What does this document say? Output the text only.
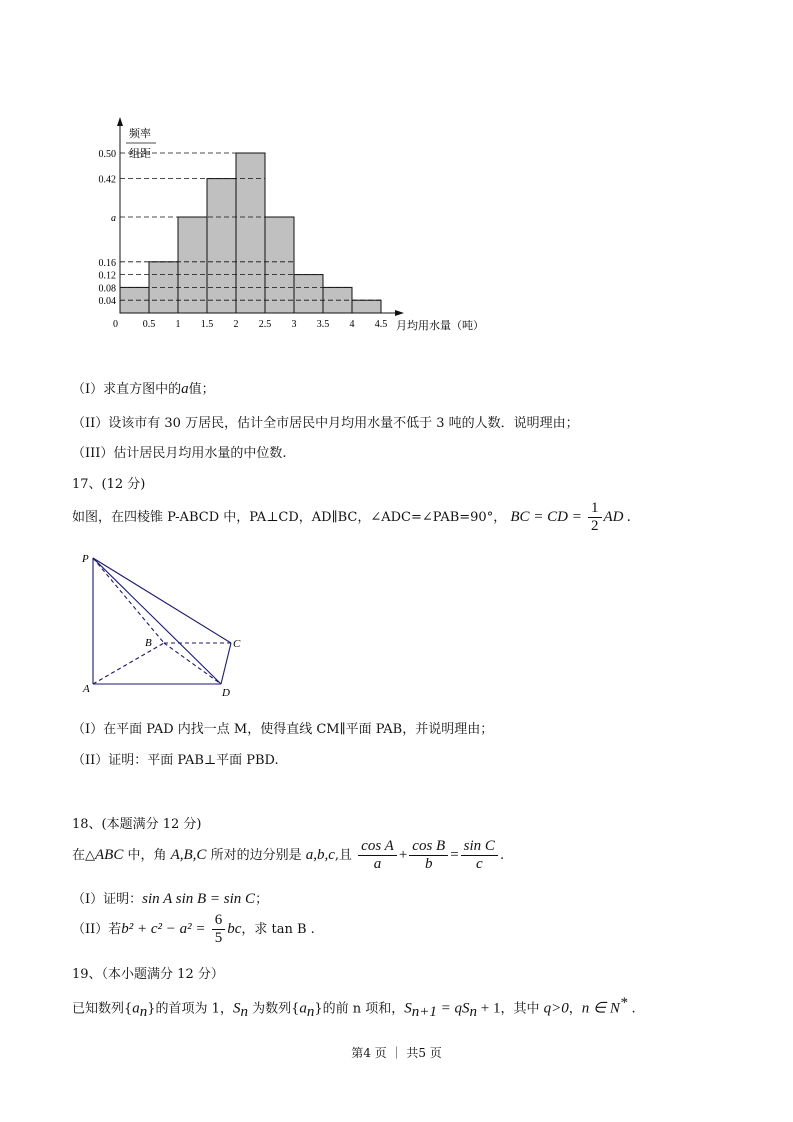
0.50
0.42
a
0.16
0.12
0.08
0.04
0 0.5 1 1.5 2 2.5 3 3.5 4 4.5
频率
组距
月均用水量（吨）
（I）求直方图中的a值；
（II）设该市有 30 万居民，估计全市居民中月均用水量不低于 3 吨的人数．说明理由；
（III）估计居民月均用水量的中位数.
17、(12 分)
如图，在四棱锥 P-ABCD 中，PA⊥CD，AD∥BC，∠ADC=∠PAB=90°， BC = CD = $\frac{1}{2}$ AD .
P
A
B	C
D
（I）在平面 PAD 内找一点 M，使得直线 CM∥平面 PAB，并说明理由；
（II）证明：平面 PAB⊥平面 PBD.
18、(本题满分 12 分)
在△ABC 中，角 A,B,C 所对的边分别是 a,b,c,且 $\frac{\text{cos A}}{a} + \frac{\text{cos B}}{b} = \frac{\text{sin C}}{c}$ .
（I）证明：sin A sin B = sin C；
（II）若$b^2 + c^2 - a^2 = \frac{6}{5}$ bc，求 tan B .
19、（本小题满分 12 分）
已知数列$\{a_n\}$的首项为 1，$S_n$ 为数列$\{a_n\}$的前 n 项和，$S_{n+1} = qS_n + 1$，其中 q>0，n ∈ N* .
第4 页 ｜ 共5 页
